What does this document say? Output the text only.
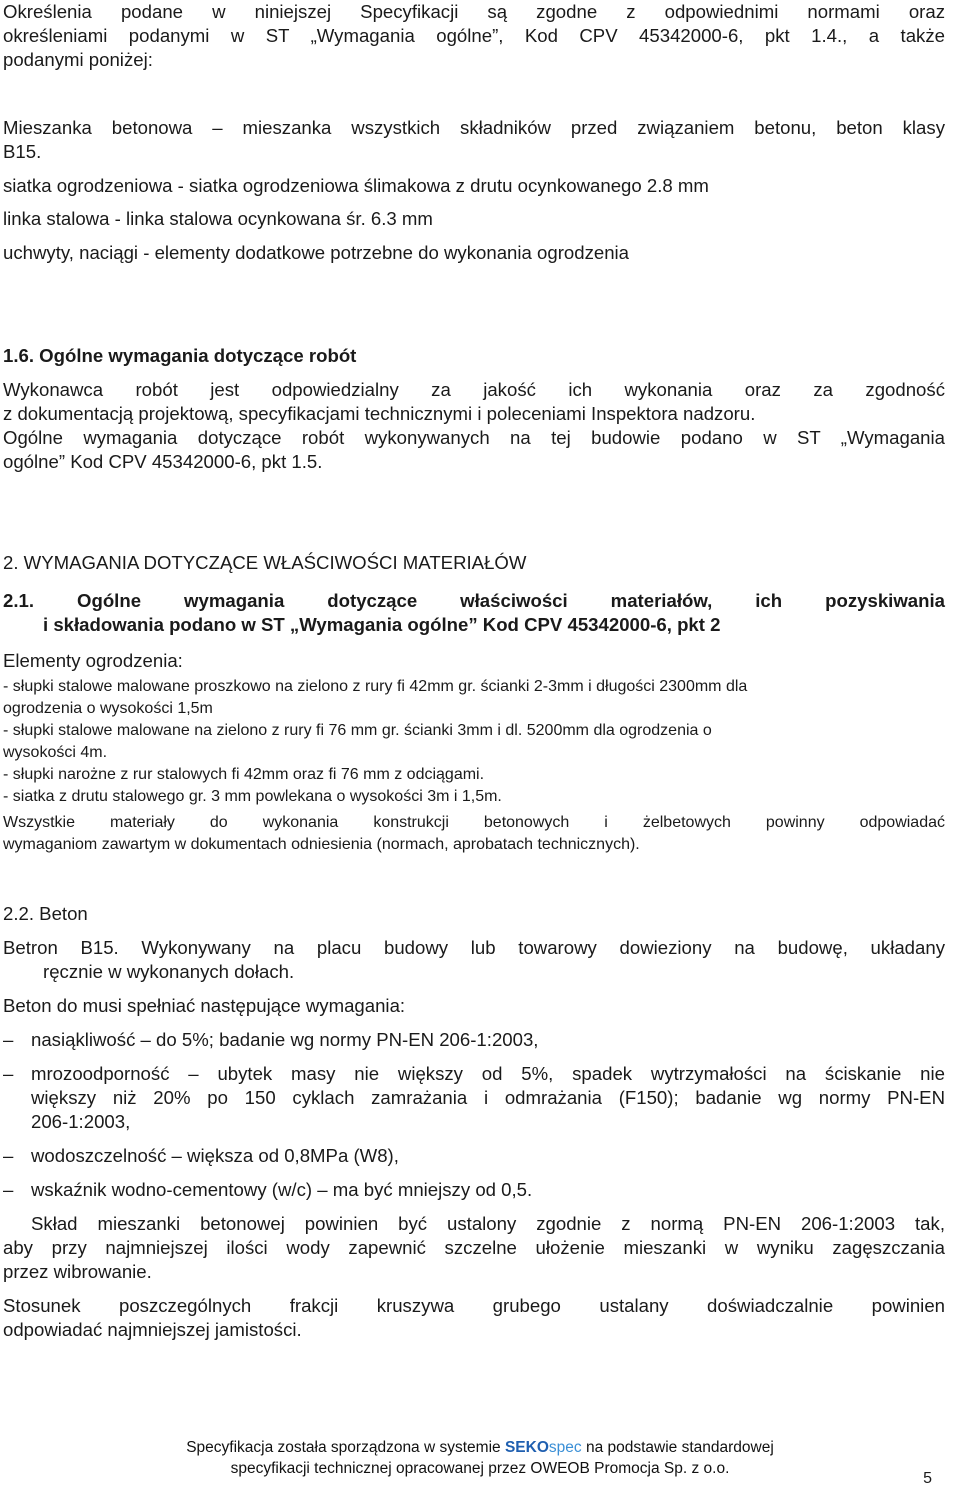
Określenia podane w niniejszej Specyfikacji są zgodne z odpowiednimi normami oraz

określeniami podanymi w ST „Wymagania ogólne”, Kod CPV 45342000-6, pkt 1.4., a także

podanymi poniżej:

Mieszanka betonowa – mieszanka wszystkich składników przed związaniem betonu, beton klasy

B15.

siatka ogrodzeniowa - siatka ogrodzeniowa ślimakowa z drutu ocynkowanego 2.8 mm

linka stalowa - linka stalowa ocynkowana śr. 6.3 mm

uchwyty, naciągi - elementy dodatkowe potrzebne do wykonania ogrodzenia

1.6. Ogólne wymagania dotyczące robót

Wykonawca robót jest odpowiedzialny za jakość ich wykonania oraz za zgodność

z dokumentacją projektową, specyfikacjami technicznymi i poleceniami Inspektora nadzoru.

Ogólne wymagania dotyczące robót wykonywanych na tej budowie podano w ST „Wymagania

ogólne” Kod CPV 45342000-6, pkt 1.5.

2. WYMAGANIA DOTYCZĄCE WŁAŚCIWOŚCI MATERIAŁÓW

2.1. Ogólne wymagania dotyczące właściwości materiałów, ich pozyskiwania

i składowania podano w ST „Wymagania ogólne” Kod CPV 45342000-6, pkt 2

Elementy ogrodzenia:

- słupki stalowe malowane proszkowo na zielono z rury fi 42mm gr. ścianki 2-3mm i długości 2300mm dla

ogrodzenia o wysokości 1,5m

- słupki stalowe malowane na zielono z rury fi 76 mm gr. ścianki 3mm i dl. 5200mm dla ogrodzenia o

wysokości 4m.

- słupki narożne z rur stalowych fi 42mm oraz fi 76 mm z odciągami.

- siatka z drutu stalowego gr. 3 mm powlekana o wysokości 3m i 1,5m.

Wszystkie materiały do wykonania konstrukcji betonowych i żelbetowych powinny odpowiadać

wymaganiom zawartym w dokumentach odniesienia (normach, aprobatach technicznych).

2.2. Beton

Betron B15. Wykonywany na placu budowy lub towarowy dowieziony na budowę, układany

ręcznie w wykonanych dołach.

Beton do musi spełniać następujące wymagania:

– nasiąkliwość – do 5%; badanie wg normy PN-EN 206-1:2003,
– mrozoodporność – ubytek masy nie większy od 5%, spadek wytrzymałości na ściskanie nie
większy niż 20% po 150 cyklach zamrażania i odmrażania (F150); badanie wg normy PN-EN
206-1:2003,
– wodoszczelność – większa od 0,8MPa (W8),
– wskaźnik wodno-cementowy (w/c) – ma być mniejszy od 0,5.

Skład mieszanki betonowej powinien być ustalony zgodnie z normą PN-EN 206-1:2003 tak,

aby przy najmniejszej ilości wody zapewnić szczelne ułożenie mieszanki w wyniku zagęszczania

przez wibrowanie.

Stosunek poszczególnych frakcji kruszywa grubego ustalany doświadczalnie powinien

odpowiadać najmniejszej jamistości.

Specyfikacja została sporządzona w systemie SEKOspec na podstawie standardowej
specyfikacji technicznej opracowanej przez OWEOB Promocja Sp. z o.o.
5
